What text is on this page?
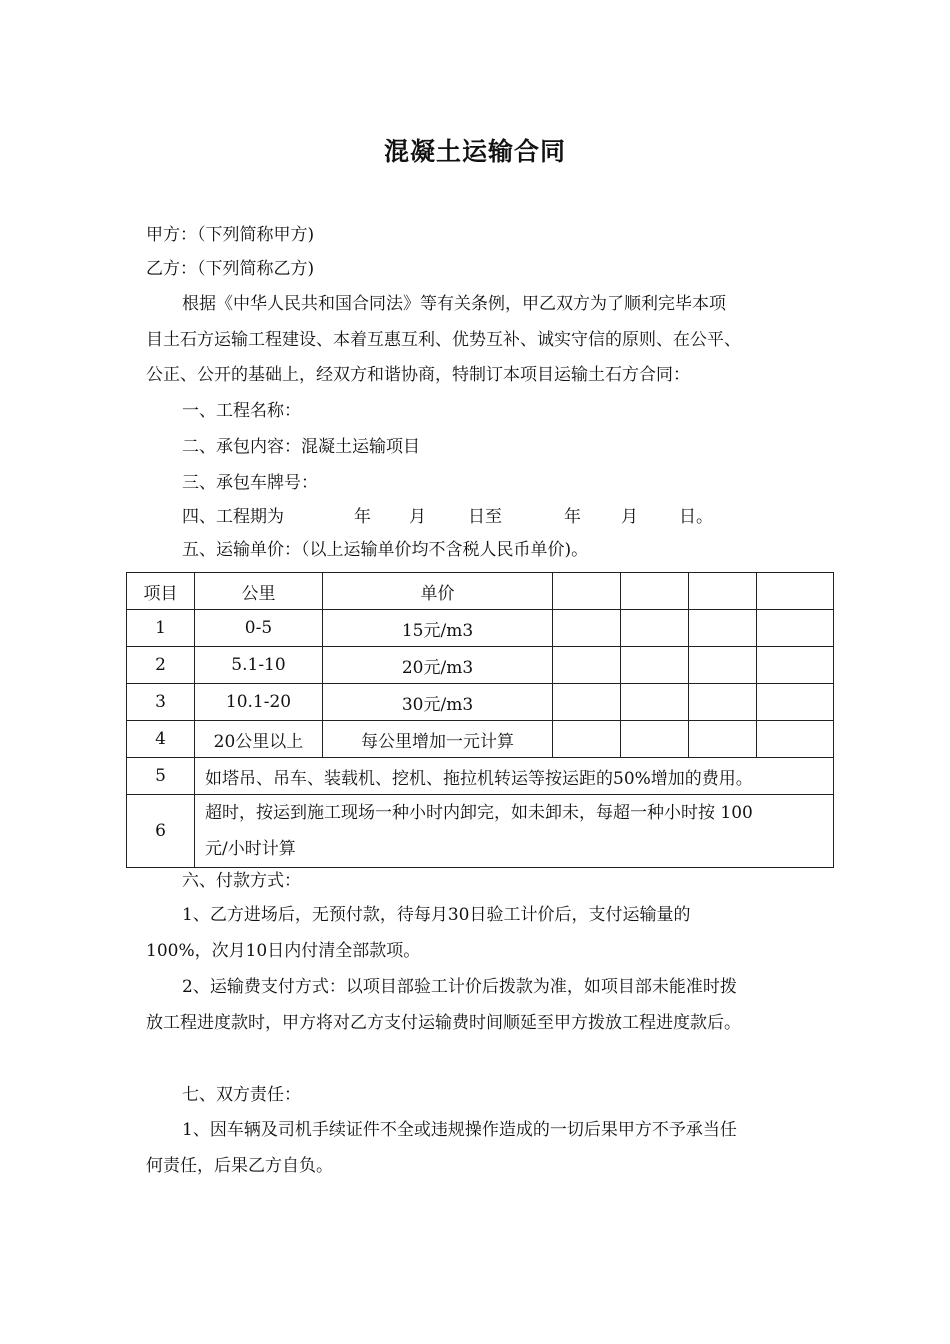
混凝土运输合同
甲方：（下列简称甲方)
乙方：（下列简称乙方)
根据《中华人民共和国合同法》等有关条例，甲乙双方为了顺利完毕本项
目土石方运输工程建设、本着互惠互利、优势互补、诚实守信的原则、在公平、
公正、公开的基础上，经双方和谐协商，特制订本项目运输土石方合同：
一、工程名称：
二、承包内容：混凝土运输项目
三、承包车牌号：
四、工程期为	年 月 日至	年 月 日。
五、运输单价：（以上运输单价均不含税人民币单价)。
项目	公里	单价				
1	0-5	15元/m3				
2	5.1-10	20元/m3				
3	10.1-20	30元/m3				
4	20公里以上	每公里增加一元计算				
5	如塔吊、吊车、装载机、挖机、拖拉机转运等按运距的50%增加的费用。					
6	超时，按运到施工现场一种小时内卸完，如未卸未，每超一种小时按 100
元/小时计算					
六、付款方式：
1、乙方进场后，无预付款，待每月30日验工计价后，支付运输量的
100%，次月10日内付清全部款项。
2、运输费支付方式：以项目部验工计价后拨款为准，如项目部未能准时拨
放工程进度款时，甲方将对乙方支付运输费时间顺延至甲方拨放工程进度款后。
七、双方责任：
1、因车辆及司机手续证件不全或违规操作造成的一切后果甲方不予承当任
何责任，后果乙方自负。
